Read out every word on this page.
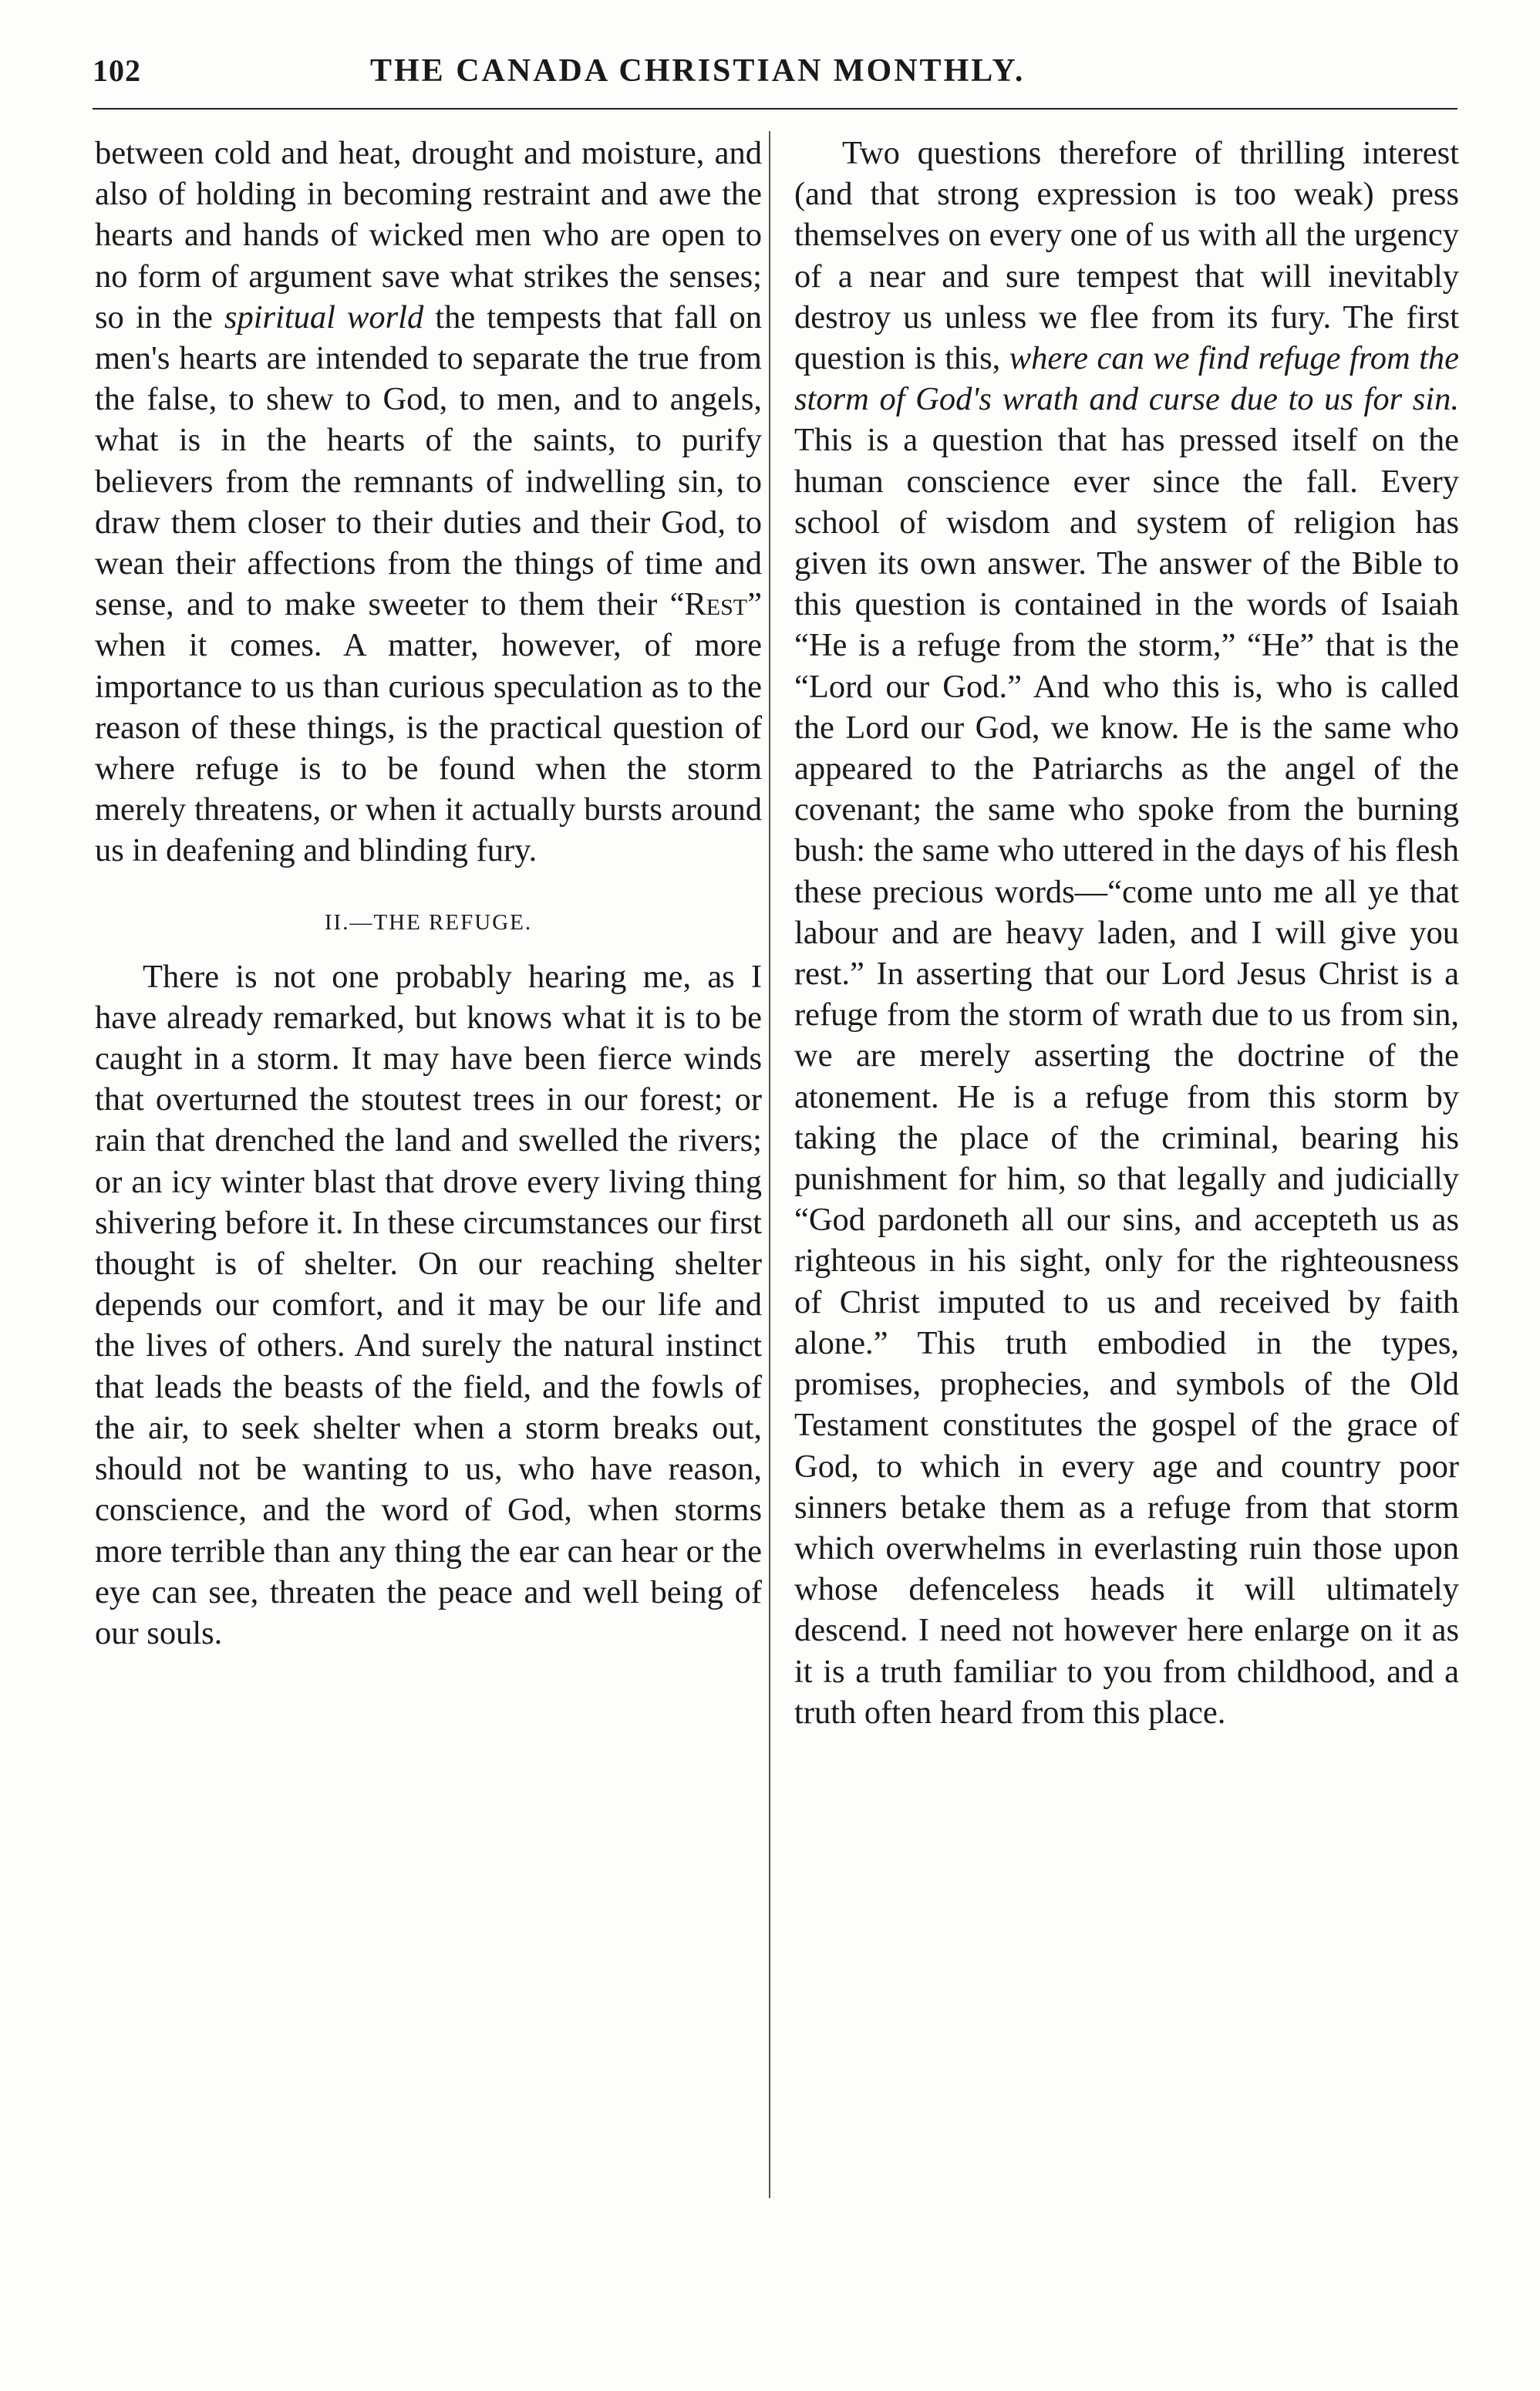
102	THE CANADA CHRISTIAN MONTHLY.

between cold and heat, drought and moisture, and also of holding in becoming restraint and awe the hearts and hands of wicked men who are open to no form of argument save what strikes the senses; so in the spiritual world the tempests that fall on men's hearts are intended to separate the true from the false, to shew to God, to men, and to angels, what is in the hearts of the saints, to purify believers from the remnants of indwelling sin, to draw them closer to their duties and their God, to wean their affections from the things of time and sense, and to make sweeter to them their “Rest” when it comes. A matter, however, of more importance to us than curious speculation as to the reason of these things, is the practical question of where refuge is to be found when the storm merely threatens, or when it actually bursts around us in deafening and blinding fury.

II.—THE REFUGE.

There is not one probably hearing me, as I have already remarked, but knows what it is to be caught in a storm. It may have been fierce winds that overturned the stoutest trees in our forest; or rain that drenched the land and swelled the rivers; or an icy winter blast that drove every living thing shivering before it. In these circumstances our first thought is of shelter. On our reaching shelter depends our comfort, and it may be our life and the lives of others. And surely the natural instinct that leads the beasts of the field, and the fowls of the air, to seek shelter when a storm breaks out, should not be wanting to us, who have reason, conscience, and the word of God, when storms more terrible than any thing the ear can hear or the eye can see, threaten the peace and well being of our souls.

Two questions therefore of thrilling interest (and that strong expression is too weak) press themselves on every one of us with all the urgency of a near and sure tempest that will inevitably destroy us unless we flee from its fury. The first question is this, where can we find refuge from the storm of God's wrath and curse due to us for sin. This is a question that has pressed itself on the human conscience ever since the fall. Every school of wisdom and system of religion has given its own answer. The answer of the Bible to this question is contained in the words of Isaiah “He is a refuge from the storm,” “He” that is the “Lord our God.” And who this is, who is called the Lord our God, we know. He is the same who appeared to the Patriarchs as the angel of the covenant; the same who spoke from the burning bush: the same who uttered in the days of his flesh these precious words—“come unto me all ye that labour and are heavy laden, and I will give you rest.” In asserting that our Lord Jesus Christ is a refuge from the storm of wrath due to us from sin, we are merely asserting the doctrine of the atonement. He is a refuge from this storm by taking the place of the criminal, bearing his punishment for him, so that legally and judicially “God pardoneth all our sins, and accepteth us as righteous in his sight, only for the righteousness of Christ imputed to us and received by faith alone.” This truth embodied in the types, promises, prophecies, and symbols of the Old Testament constitutes the gospel of the grace of God, to which in every age and country poor sinners betake them as a refuge from that storm which overwhelms in everlasting ruin those upon whose defenceless heads it will ultimately descend. I need not however here enlarge on it as it is a truth familiar to you from childhood, and a truth often heard from this place.
